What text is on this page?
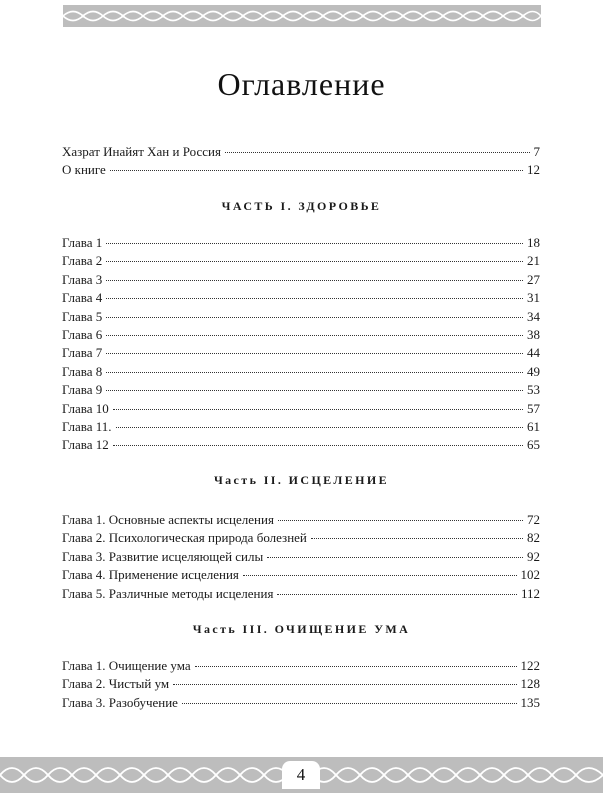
Оглавление
Хазрат Инайят Хан и Россия	7
О книге	12
ЧАСТЬ I. ЗДОРОВЬЕ
Глава 1	18
Глава 2	21
Глава 3	27
Глава 4	31
Глава 5	34
Глава 6	38
Глава 7	44
Глава 8	49
Глава 9	53
Глава 10	57
Глава 11.	61
Глава 12	65
Часть II. ИСЦЕЛЕНИЕ
Глава 1. Основные аспекты исцеления	72
Глава 2. Психологическая природа болезней	82
Глава 3. Развитие исцеляющей силы	92
Глава 4. Применение исцеления	102
Глава 5. Различные методы исцеления	112
Часть III. ОЧИЩЕНИЕ УМА
Глава 1. Очищение ума	122
Глава 2. Чистый ум	128
Глава 3. Разобучение	135
4
